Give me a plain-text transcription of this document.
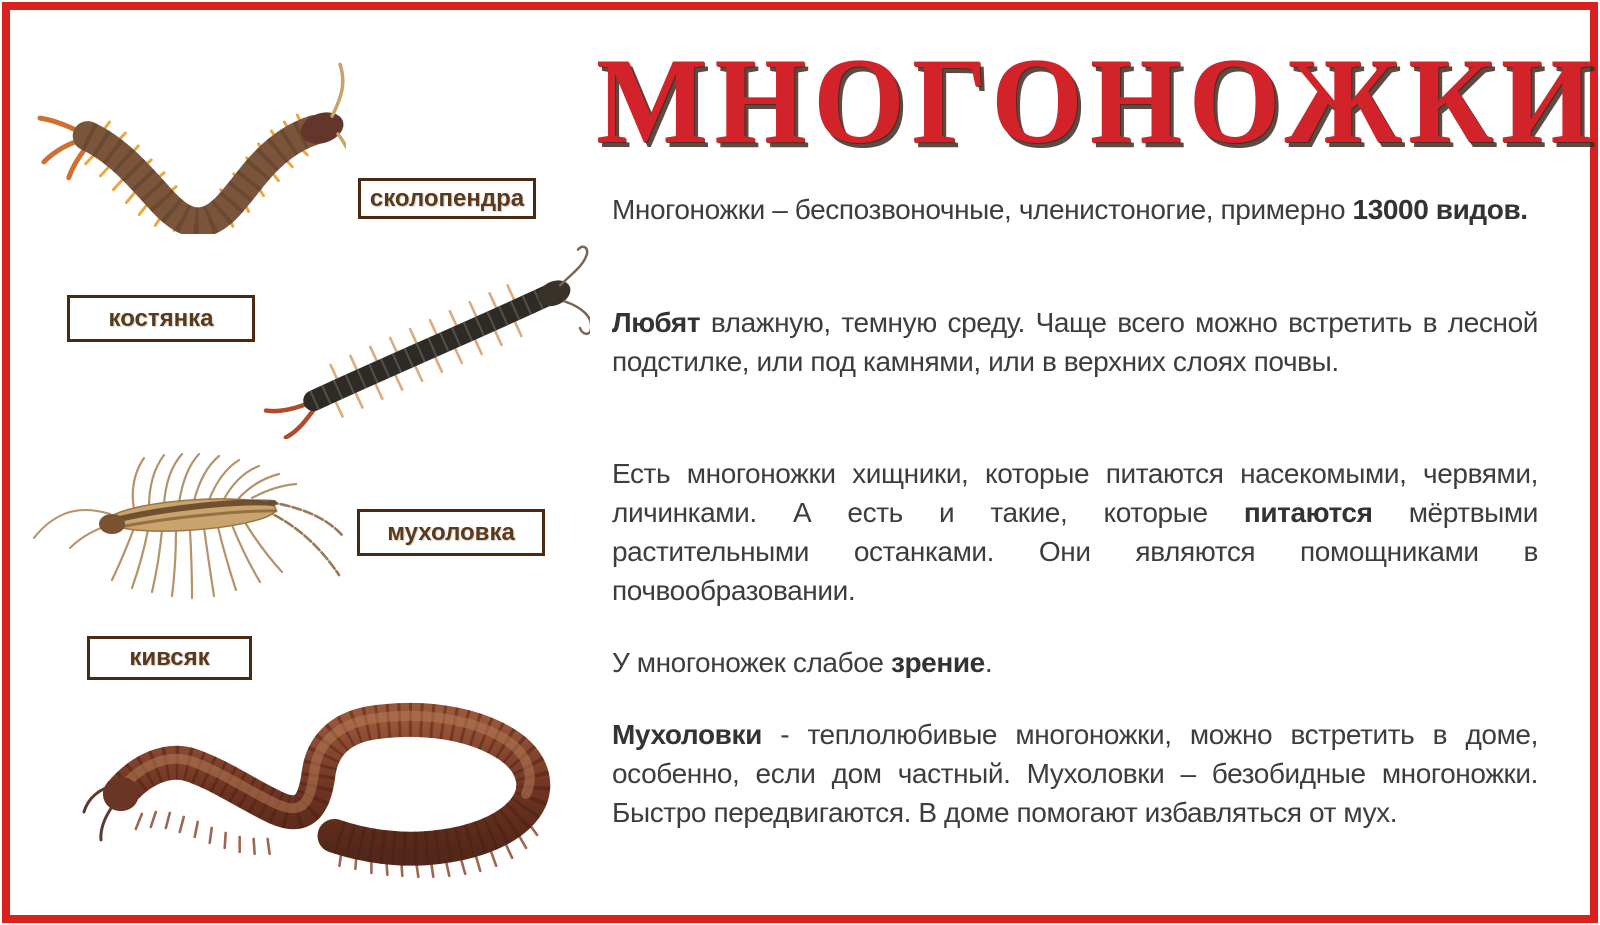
сколопендра
костянка
мухоловка
кивсяк
МНОГОНОЖКИ
Многоножки – беспозвоночные, членистоногие, примерно 13000 видов.
Любят влажную, темную среду. Чаще всего можно встретить в лесной подстилке, или под камнями, или в верхних слоях почвы.
Есть многоножки хищники, которые питаются насекомыми, червями, личинками. А есть и такие, которые питаются мёртвыми растительными останками. Они являются помощниками в почвообразовании.
У многоножек слабое зрение.
Мухоловки - теплолюбивые многоножки, можно встретить в доме, особенно, если дом частный. Мухоловки – безобидные многоножки. Быстро передвигаются. В доме помогают избавляться от мух.
